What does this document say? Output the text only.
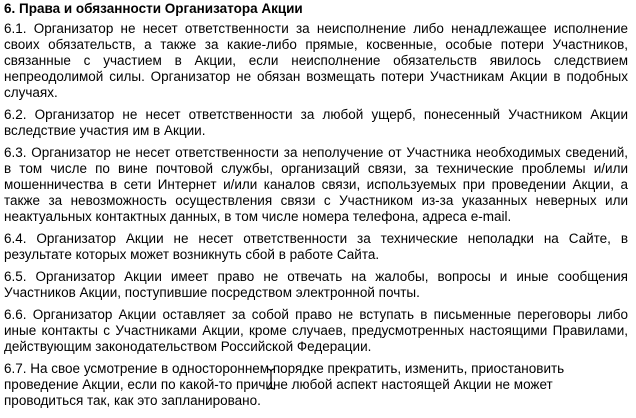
6. Права и обязанности Организатора Акции

6.1. Организатор не несет ответственности за неисполнение либо ненадлежащее исполнение своих обязательств, а также за какие-либо прямые, косвенные, особые потери Участников, связанные с участием в Акции, если неисполнение обязательств явилось следствием непреодолимой силы. Организатор не обязан возмещать потери Участникам Акции в подобных случаях.

6.2. Организатор не несет ответственности за любой ущерб, понесенный Участником Акции вследствие участия им в Акции.

6.3. Организатор не несет ответственности за неполучение от Участника необходимых сведений, в том числе по вине почтовой службы, организаций связи, за технические проблемы и/или мошенничества в сети Интернет и/или каналов связи, используемых при проведении Акции, а также за невозможность осуществления связи с Участником из-за указанных неверных или неактуальных контактных данных, в том числе номера телефона, адреса e-mail.

6.4. Организатор Акции не несет ответственности за технические неполадки на Сайте, в результате которых может возникнуть сбой в работе Сайта.

6.5. Организатор Акции имеет право не отвечать на жалобы, вопросы и иные сообщения Участников Акции, поступившие посредством электронной почты.

6.6. Организатор Акции оставляет за собой право не вступать в письменные переговоры либо иные контакты с Участниками Акции, кроме случаев, предусмотренных настоящими Правилами, действующим законодательством Российской Федерации.

6.7. На свое усмотрение в одностороннем порядке прекратить, изменить, приостановить проведение Акции, если по какой-то причине любой аспект настоящей Акции не может проводиться так, как это запланировано.
